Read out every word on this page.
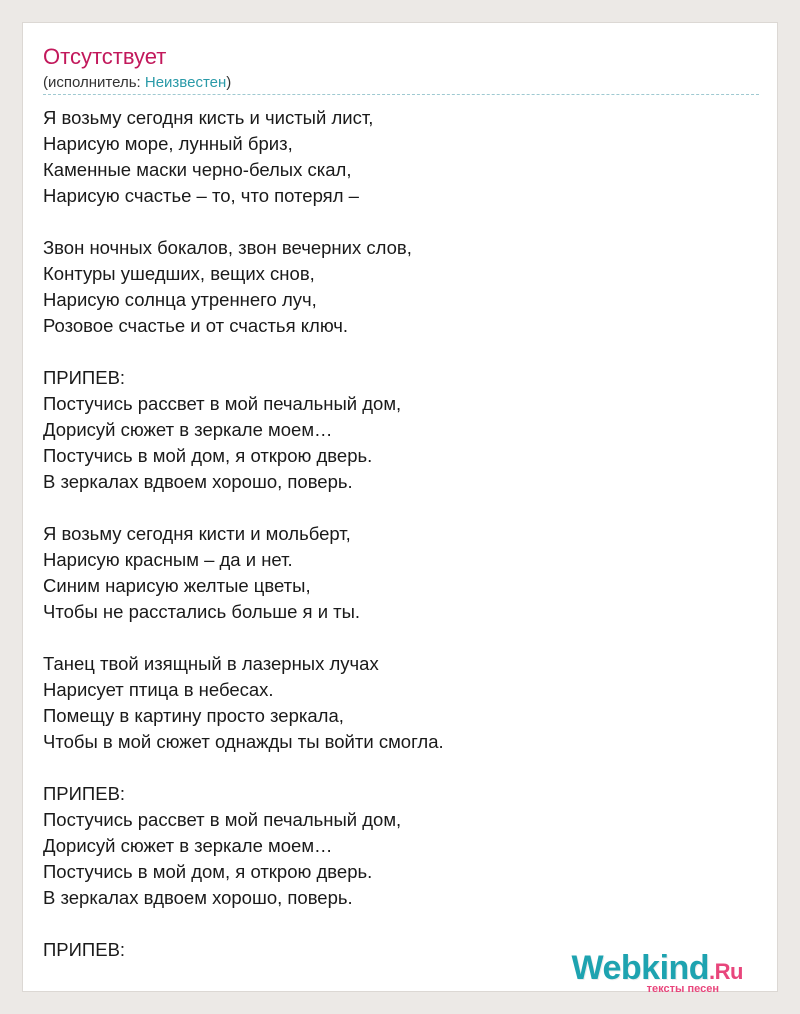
Отсутствует
(исполнитель: Неизвестен)
Я возьму сегодня кисть и чистый лист,
Нарисую море, лунный бриз,
Каменные маски черно-белых скал,
Нарисую счастье – то, что потерял –
Звон ночных бокалов, звон вечерних слов,
Контуры ушедших, вещих снов,
Нарисую солнца утреннего луч,
Розовое счастье и от счастья ключ.
ПРИПЕВ:
Постучись рассвет в мой печальный дом,
Дорисуй сюжет в зеркале моем…
Постучись в мой дом, я открою дверь.
В зеркалах вдвоем хорошо, поверь.
Я возьму сегодня кисти и мольберт,
Нарисую красным – да и нет.
Синим нарисую желтые цветы,
Чтобы не расстались больше я и ты.
Танец твой изящный в лазерных лучах
Нарисует птица в небесах.
Помещу в картину просто зеркала,
Чтобы в мой сюжет однажды ты войти смогла.
ПРИПЕВ:
Постучись рассвет в мой печальный дом,
Дорисуй сюжет в зеркале моем…
Постучись в мой дом, я открою дверь.
В зеркалах вдвоем хорошо, поверь.
ПРИПЕВ:	Webkind.Ru
тексты песен
